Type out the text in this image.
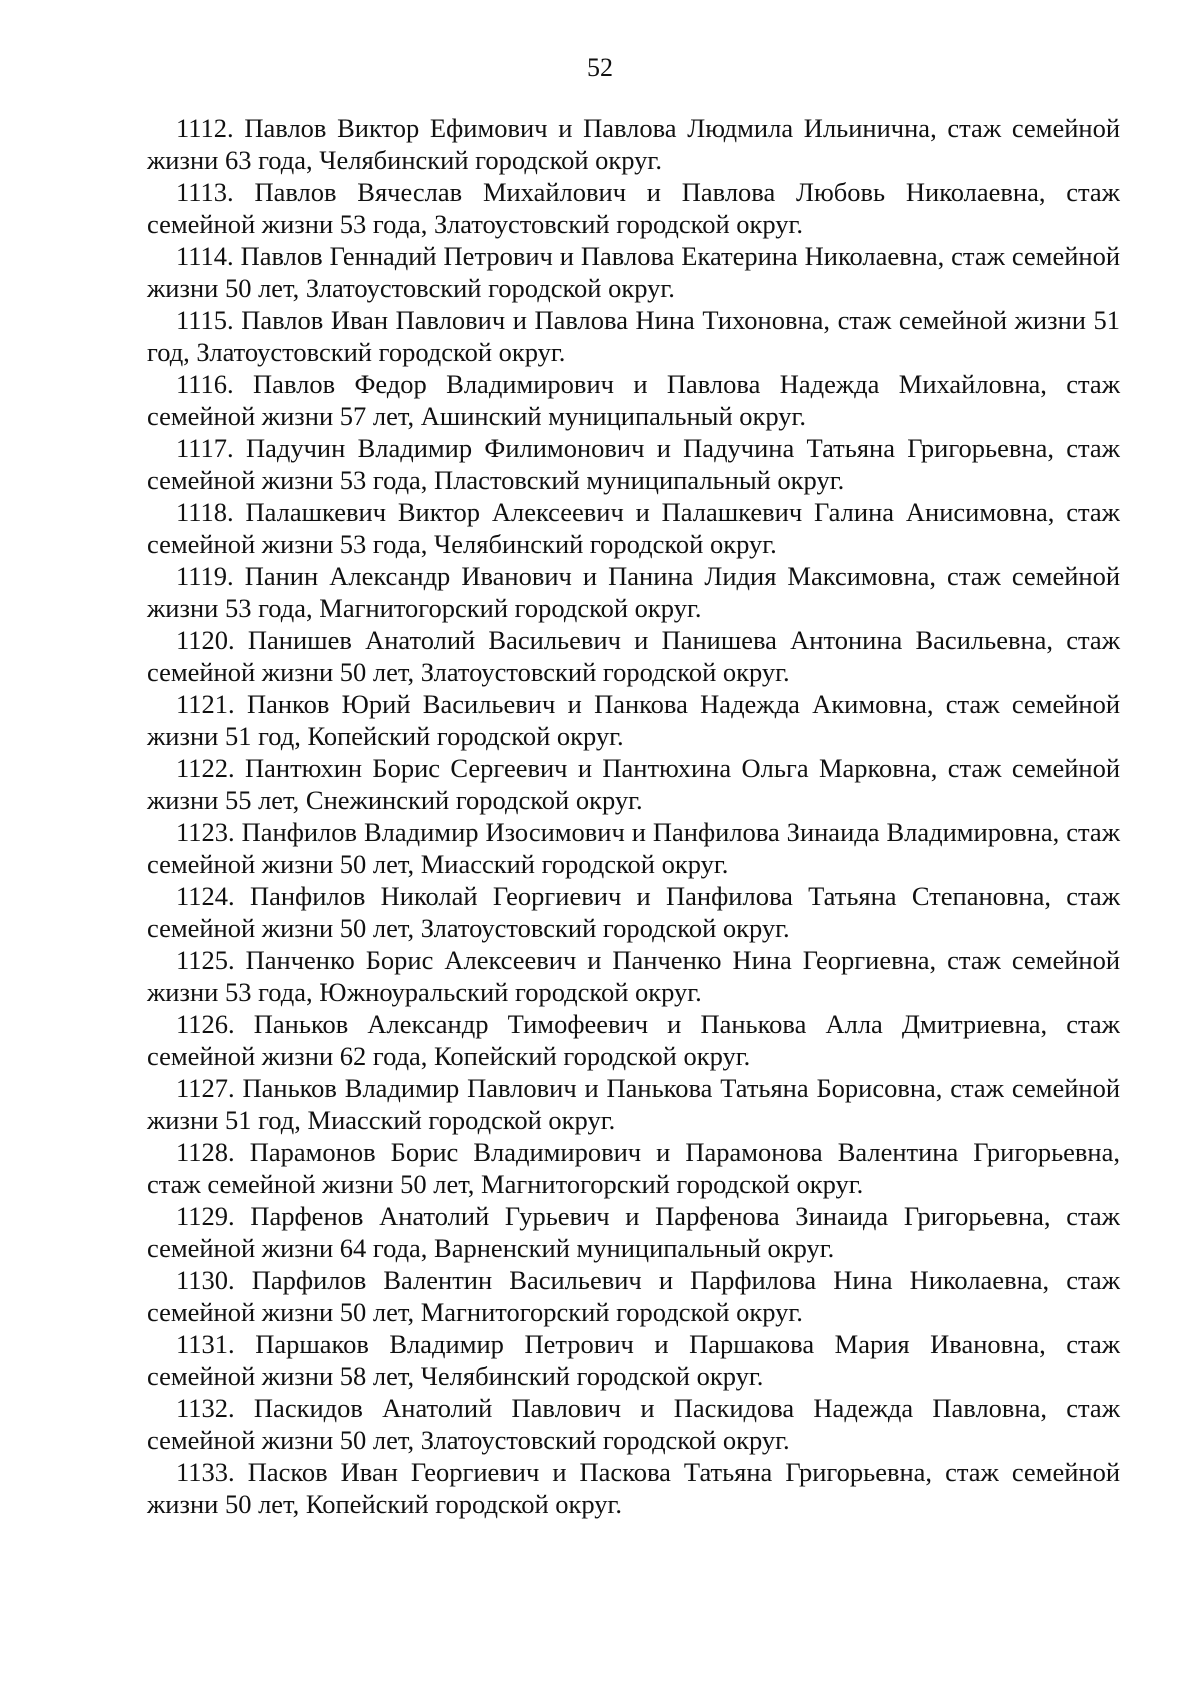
52

1112. Павлов Виктор Ефимович и Павлова Людмила Ильинична, стаж семейной жизни 63 года, Челябинский городской округ.

1113. Павлов Вячеслав Михайлович и Павлова Любовь Николаевна, стаж семейной жизни 53 года, Златоустовский городской округ.

1114. Павлов Геннадий Петрович и Павлова Екатерина Николаевна, стаж семейной жизни 50 лет, Златоустовский городской округ.

1115. Павлов Иван Павлович и Павлова Нина Тихоновна, стаж семейной жизни 51 год, Златоустовский городской округ.

1116. Павлов Федор Владимирович и Павлова Надежда Михайловна, стаж семейной жизни 57 лет, Ашинский муниципальный округ.

1117. Падучин Владимир Филимонович и Падучина Татьяна Григорьевна, стаж семейной жизни 53 года, Пластовский муниципальный округ.

1118. Палашкевич Виктор Алексеевич и Палашкевич Галина Анисимовна, стаж семейной жизни 53 года, Челябинский городской округ.

1119. Панин Александр Иванович и Панина Лидия Максимовна, стаж семейной жизни 53 года, Магнитогорский городской округ.

1120. Панишев Анатолий Васильевич и Панишева Антонина Васильевна, стаж семейной жизни 50 лет, Златоустовский городской округ.

1121. Панков Юрий Васильевич и Панкова Надежда Акимовна, стаж семейной жизни 51 год, Копейский городской округ.

1122. Пантюхин Борис Сергеевич и Пантюхина Ольга Марковна, стаж семейной жизни 55 лет, Снежинский городской округ.

1123. Панфилов Владимир Изосимович и Панфилова Зинаида Владимировна, стаж семейной жизни 50 лет, Миасский городской округ.

1124. Панфилов Николай Георгиевич и Панфилова Татьяна Степановна, стаж семейной жизни 50 лет, Златоустовский городской округ.

1125. Панченко Борис Алексеевич и Панченко Нина Георгиевна, стаж семейной жизни 53 года, Южноуральский городской округ.

1126. Паньков Александр Тимофеевич и Панькова Алла Дмитриевна, стаж семейной жизни 62 года, Копейский городской округ.

1127. Паньков Владимир Павлович и Панькова Татьяна Борисовна, стаж семейной жизни 51 год, Миасский городской округ.

1128. Парамонов Борис Владимирович и Парамонова Валентина Григорьевна, стаж семейной жизни 50 лет, Магнитогорский городской округ.

1129. Парфенов Анатолий Гурьевич и Парфенова Зинаида Григорьевна, стаж семейной жизни 64 года, Варненский муниципальный округ.

1130. Парфилов Валентин Васильевич и Парфилова Нина Николаевна, стаж семейной жизни 50 лет, Магнитогорский городской округ.

1131. Паршаков Владимир Петрович и Паршакова Мария Ивановна, стаж семейной жизни 58 лет, Челябинский городской округ.

1132. Паскидов Анатолий Павлович и Паскидова Надежда Павловна, стаж семейной жизни 50 лет, Златоустовский городской округ.

1133. Пасков Иван Георгиевич и Паскова Татьяна Григорьевна, стаж семейной жизни 50 лет, Копейский городской округ.
